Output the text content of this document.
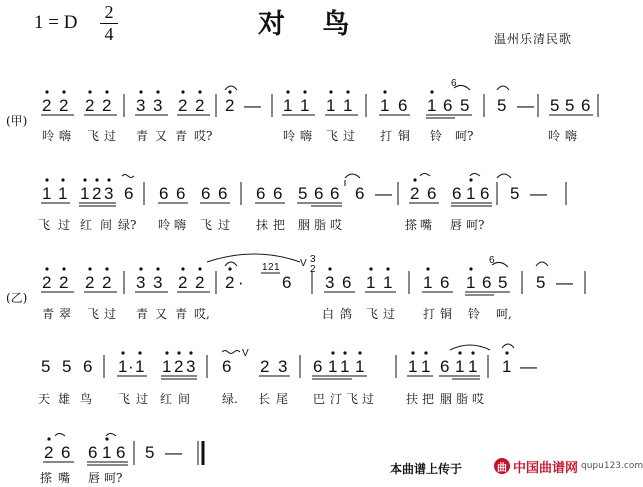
1 = D 2
4	对 鸟	温州乐清民歌
(甲)
2 2 2 2 3 3 2 2 2 — 1 1 1 1 1 6 1 6 5 5 — 5 5 6
6
呤 嗨 飞 过 青 又 青 哎?	呤 嗨 飞 过 打 铜 铃 呵?	呤 嗨
1 1 1 2 3 6 6 6 6 6 6 6 5 6 6 6 — 2 6 6 1 6 5 —
飞 过 红 间 绿? 呤 嗨 飞 过 抹 把 胭 脂 哎	搽 嘴 唇 呵?
(乙)
2 2 2 2 3 3 2 2 2 · 6 3 6 1 1 1 6 1 6 5 5 —
1 2 1 V 3
2
6
青 翠 飞 过 青 又 青 哎,	白 鸽 飞 过 打 铜 铃 呵,
5 5 6 1 · 1 1 2 3 6 2 3 6 1 1 1	1 1 6 1 1 1 —
V
天 雄 鸟 飞 过 红 间	绿. 长 尾 巴 汀 飞 过	扶 把 胭 脂 哎
2 6 6 1 6 5 —
搽 嘴 唇 呵?
本曲谱上传于	曲 中国曲谱网 qupu123.com
